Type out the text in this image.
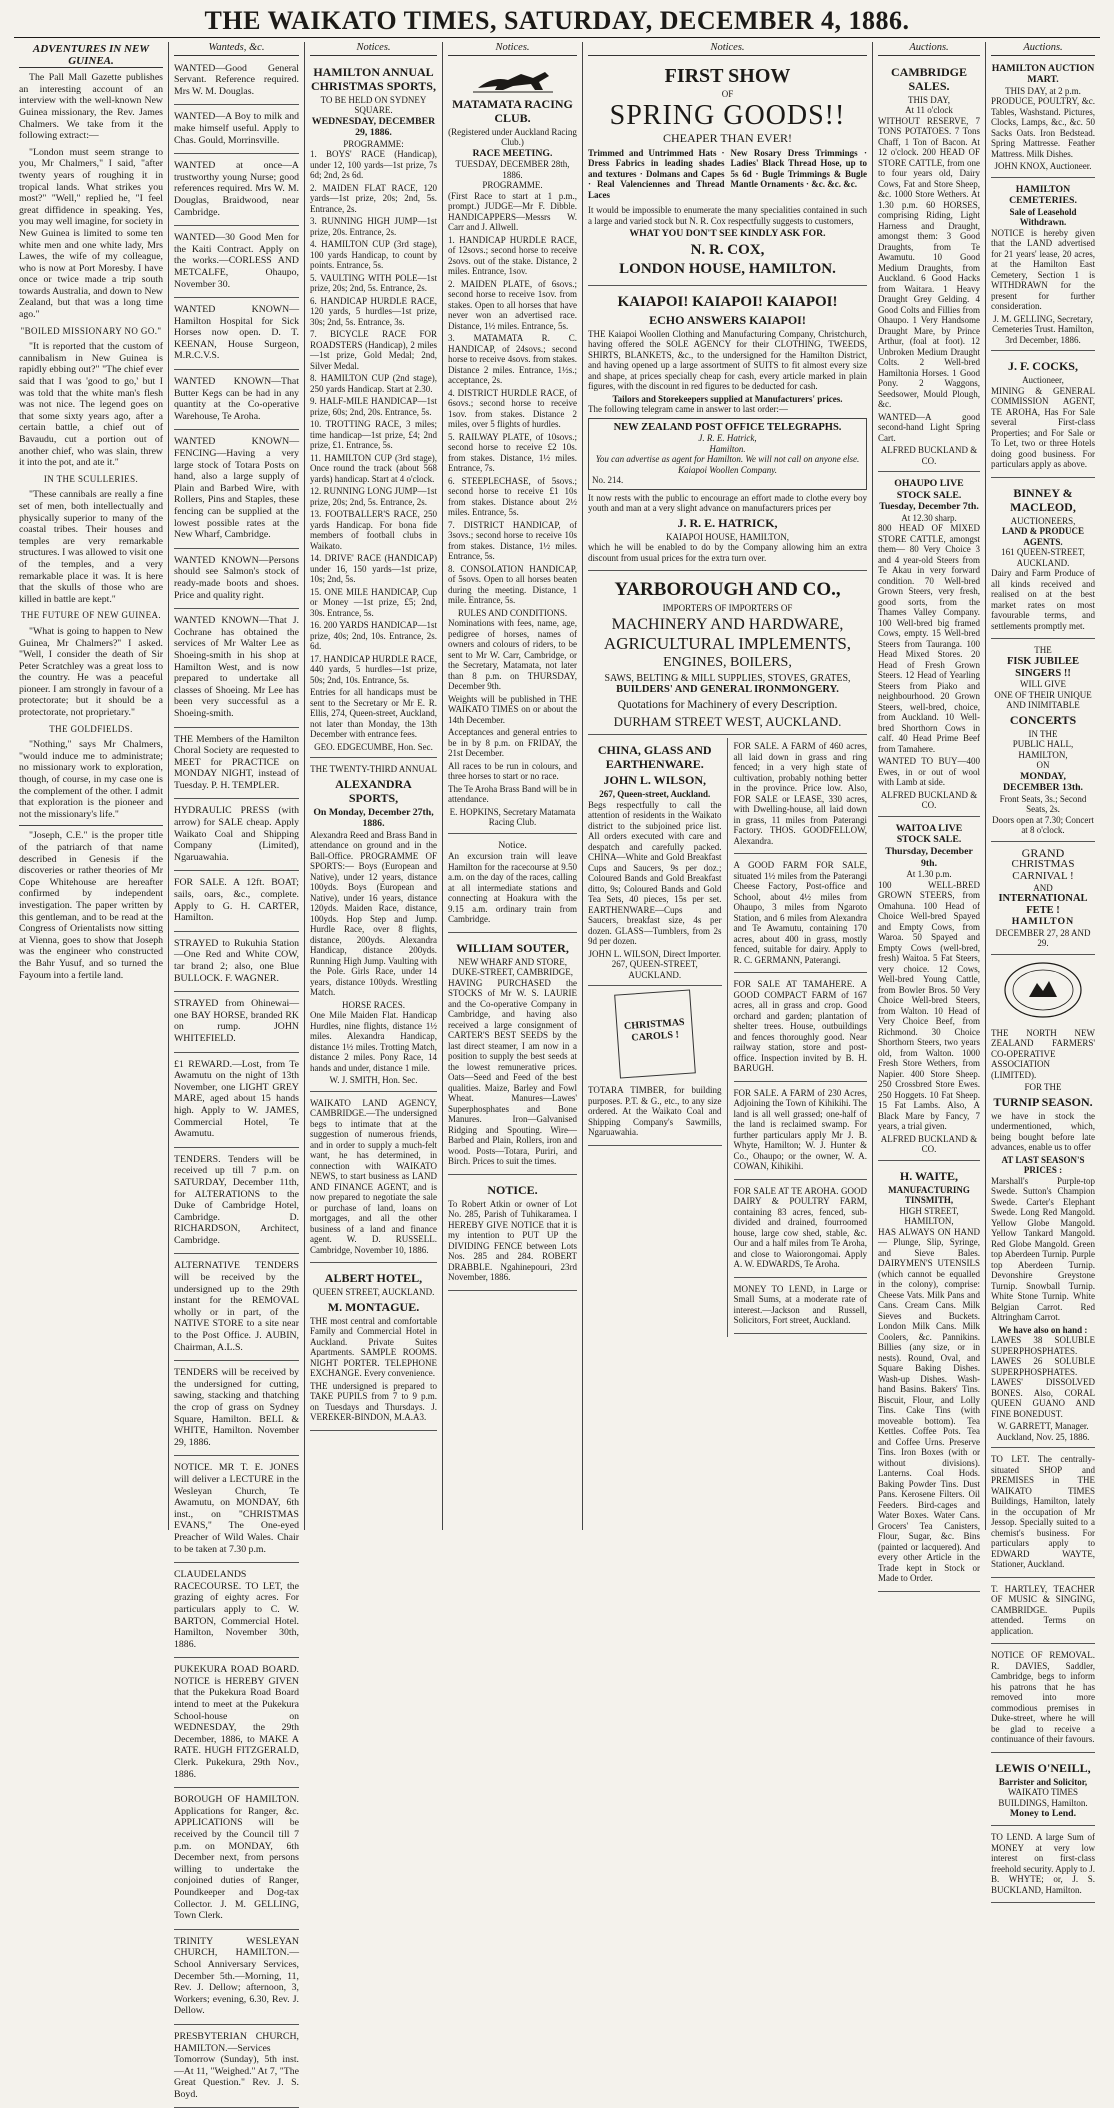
THE WAIKATO TIMES, SATURDAY, DECEMBER 4, 1886.
ADVENTURES IN NEW GUINEA.

The Pall Mall Gazette publishes an interesting account of an interview with the well-known New Guinea missionary, the Rev. James Chalmers. We take from it the following extract:—

"London must seem strange to you, Mr Chalmers," I said, "after twenty years of roughing it in tropical lands. What strikes you most?" "Well," replied he, "I feel great diffidence in speaking. Yes, you may well imagine, for society in New Guinea is limited to some ten white men and one white lady, Mrs Lawes, the wife of my colleague, who is now at Port Moresby. I have once or twice made a trip south towards Australia, and down to New Zealand, but that was a long time ago."

"BOILED MISSIONARY NO GO."

"It is reported that the custom of cannibalism in New Guinea is rapidly ebbing out?" "The chief ever said that I was 'good to go,' but I was told that the white man's flesh was not nice. The legend goes on that some sixty years ago, after a certain battle, a chief out of Bavaudu, cut a portion out of another chief, who was slain, threw it into the pot, and ate it."

IN THE SCULLERIES.

"These cannibals are really a fine set of men, both intellectually and physically superior to many of the coastal tribes. Their houses and temples are very remarkable structures. I was allowed to visit one of the temples, and a very remarkable place it was. It is here that the skulls of those who are killed in battle are kept."

THE FUTURE OF NEW GUINEA.

"What is going to happen to New Guinea, Mr Chalmers?" I asked. "Well, I consider the death of Sir Peter Scratchley was a great loss to the country. He was a peaceful pioneer. I am strongly in favour of a protectorate; but it should be a protectorate, not proprietary."

THE GOLDFIELDS.

"Nothing," says Mr Chalmers, "would induce me to administrate; no missionary work to exploration, though, of course, in my case one is the complement of the other. I admit that exploration is the pioneer and not the missionary's life."

"Joseph, C.E." is the proper title of the patriarch of that name described in Genesis if the discoveries or rather theories of Mr Cope Whitehouse are hereafter confirmed by independent investigation. The paper written by this gentleman, and to be read at the Congress of Orientalists now sitting at Vienna, goes to show that Joseph was the engineer who constructed the Bahr Yusuf, and so turned the Fayoum into a fertile land.

Wanteds, &c.

WANTED—Good General Servant. Reference required. Mrs W. M. Douglas.

WANTED—A Boy to milk and make himself useful. Apply to Chas. Gould, Morrinsville.

WANTED at once—A trustworthy young Nurse; good references required. Mrs W. M. Douglas, Braidwood, near Cambridge.

WANTED—30 Good Men for the Kaiti Contract. Apply on the works.—CORLESS AND METCALFE, Ohaupo, November 30.

WANTED KNOWN—Hamilton Hospital for Sick Horses now open. D. T. KEENAN, House Surgeon, M.R.C.V.S.

WANTED KNOWN—That Butter Kegs can be had in any quantity at the Co-operative Warehouse, Te Aroha.

WANTED KNOWN—FENCING—Having a very large stock of Totara Posts on hand, also a large supply of Plain and Barbed Wire, with Rollers, Pins and Staples, these fencing can be supplied at the lowest possible rates at the New Wharf, Cambridge.

WANTED KNOWN—Persons should see Salmon's stock of ready-made boots and shoes. Price and quality right.

WANTED KNOWN—That J. Cochrane has obtained the services of Mr Walter Lee as Shoeing-smith in his shop at Hamilton West, and is now prepared to undertake all classes of Shoeing. Mr Lee has been very successful as a Shoeing-smith.

THE Members of the Hamilton Choral Society are requested to MEET for PRACTICE on MONDAY NIGHT, instead of Tuesday. P. H. TEMPLER.

HYDRAULIC PRESS (with arrow) for SALE cheap. Apply Waikato Coal and Shipping Company (Limited), Ngaruawahia.

FOR SALE. A 12ft. BOAT; sails, oars, &c., complete. Apply to G. H. CARTER, Hamilton.

STRAYED to Rukuhia Station—One Red and White COW, tar brand 2; also, one Blue BULLOCK. F. WAGNER.

STRAYED from Ohinewai—one BAY HORSE, branded RK on rump. JOHN WHITEFIELD.

£1 REWARD.—Lost, from Te Awamutu on the night of 13th November, one LIGHT GREY MARE, aged about 15 hands high. Apply to W. JAMES, Commercial Hotel, Te Awamutu.

TENDERS. Tenders will be received up till 7 p.m. on SATURDAY, December 11th, for ALTERATIONS to the Duke of Cambridge Hotel, Cambridge. D. RICHARDSON, Architect, Cambridge.

ALTERNATIVE TENDERS will be received by the undersigned up to the 29th instant for the REMOVAL wholly or in part, of the NATIVE STORE to a site near to the Post Office. J. AUBIN, Chairman, A.L.S.

TENDERS will be received by the undersigned for cutting, sawing, stacking and thatching the crop of grass on Sydney Square, Hamilton. BELL & WHITE, Hamilton. November 29, 1886.

NOTICE. MR T. E. JONES will deliver a LECTURE in the Wesleyan Church, Te Awamutu, on MONDAY, 6th inst., on "CHRISTMAS EVANS," The One-eyed Preacher of Wild Wales. Chair to be taken at 7.30 p.m.

CLAUDELANDS RACECOURSE. TO LET, the grazing of eighty acres. For particulars apply to C. W. BARTON, Commercial Hotel. Hamilton, November 30th, 1886.

PUKEKURA ROAD BOARD. NOTICE is HEREBY GIVEN that the Pukekura Road Board intend to meet at the Pukekura School-house on WEDNESDAY, the 29th December, 1886, to MAKE A RATE. HUGH FITZGERALD, Clerk. Pukekura, 29th Nov., 1886.

BOROUGH OF HAMILTON. Applications for Ranger, &c. APPLICATIONS will be received by the Council till 7 p.m. on MONDAY, 6th December next, from persons willing to undertake the conjoined duties of Ranger, Poundkeeper and Dog-tax Collector. J. M. GELLING, Town Clerk.

TRINITY WESLEYAN CHURCH, HAMILTON.—School Anniversary Services, December 5th.—Morning, 11, Rev. J. Dellow; afternoon, 3, Workers; evening, 6.30, Rev. J. Dellow.

PRESBYTERIAN CHURCH, HAMILTON.—Services Tomorrow (Sunday), 5th inst.—At 11, "Weighed." At 7, "The Great Question." Rev. J. S. Boyd.

Notices.
HAMILTON ANNUAL CHRISTMAS SPORTS,
TO BE HELD ON SYDNEY SQUARE.
WEDNESDAY, DECEMBER 29, 1886.
PROGRAMME:

1. BOYS' RACE (Handicap), under 12, 100 yards—1st prize, 7s 6d; 2nd, 2s 6d.

2. MAIDEN FLAT RACE, 120 yards—1st prize, 20s; 2nd, 5s. Entrance, 2s.

3. RUNNING HIGH JUMP—1st prize, 20s. Entrance, 2s.

4. HAMILTON CUP (3rd stage), 100 yards Handicap, to count by points. Entrance, 5s.

5. VAULTING WITH POLE—1st prize, 20s; 2nd, 5s. Entrance, 2s.

6. HANDICAP HURDLE RACE, 120 yards, 5 hurdles—1st prize, 30s; 2nd, 5s. Entrance, 3s.

7. BICYCLE RACE FOR ROADSTERS (Handicap), 2 miles—1st prize, Gold Medal; 2nd, Silver Medal.

8. HAMILTON CUP (2nd stage), 250 yards Handicap. Start at 2.30.

9. HALF-MILE HANDICAP—1st prize, 60s; 2nd, 20s. Entrance, 5s.

10. TROTTING RACE, 3 miles; time handicap—1st prize, £4; 2nd prize, £1. Entrance, 5s.

11. HAMILTON CUP (3rd stage), Once round the track (about 568 yards) handicap. Start at 4 o'clock.

12. RUNNING LONG JUMP—1st prize, 20s; 2nd, 5s. Entrance, 2s.

13. FOOTBALLER'S RACE, 250 yards Handicap. For bona fide members of football clubs in Waikato.

14. DRIVE' RACE (HANDICAP) under 16, 150 yards—1st prize, 10s; 2nd, 5s.

15. ONE MILE HANDICAP, Cup or Money —1st prize, £5; 2nd, 30s. Entrance, 5s.

16. 200 YARDS HANDICAP—1st prize, 40s; 2nd, 10s. Entrance, 2s. 6d.

17. HANDICAP HURDLE RACE, 440 yards, 5 hurdles—1st prize, 50s; 2nd, 10s. Entrance, 5s.

Entries for all handicaps must be sent to the Secretary or Mr E. R. Ellis, 274, Queen-street, Auckland, not later than Monday, the 13th December with entrance fees.

GEO. EDGECUMBE, Hon. Sec.
THE TWENTY-THIRD ANNUAL
ALEXANDRA SPORTS,
On Monday, December 27th, 1886.

Alexandra Reed and Brass Band in attendance on ground and in the Ball-Office. PROGRAMME OF SPORTS:— Boys (European and Native), under 12 years, distance 100yds. Boys (European and Native), under 16 years, distance 120yds. Maiden Race, distance, 100yds. Hop Step and Jump. Hurdle Race, over 8 flights, distance, 200yds. Alexandra Handicap, distance 200yds. Running High Jump. Vaulting with the Pole. Girls Race, under 14 years, distance 100yds. Wrestling Match.

HORSE RACES.

One Mile Maiden Flat. Handicap Hurdles, nine flights, distance 1½ miles. Alexandra Handicap, distance 1½ miles. Trotting Match, distance 2 miles. Pony Race, 14 hands and under, distance 1 mile.

W. J. SMITH, Hon. Sec.

WAIKATO LAND AGENCY, CAMBRIDGE.—The undersigned begs to intimate that at the suggestion of numerous friends, and in order to supply a much-felt want, he has determined, in connection with WAIKATO NEWS, to start business as LAND AND FINANCE AGENT, and is now prepared to negotiate the sale or purchase of land, loans on mortgages, and all the other business of a land and finance agent. W. D. RUSSELL. Cambridge, November 10, 1886.

ALBERT HOTEL,
QUEEN STREET, AUCKLAND.
M. MONTAGUE.

THE most central and comfortable Family and Commercial Hotel in Auckland. Private Suites Apartments. SAMPLE ROOMS. NIGHT PORTER. TELEPHONE EXCHANGE. Every convenience.

THE undersigned is prepared to TAKE PUPILS from 7 to 9 p.m. on Tuesdays and Thursdays. J. VEREKER-BINDON, M.A.A3.

Notices.
MATAMATA RACING CLUB.
(Registered under Auckland Racing Club.)
RACE MEETING.
TUESDAY, DECEMBER 28th, 1886.
PROGRAMME.

(First Race to start at 1 p.m., prompt.) JUDGE—Mr F. Dibble. HANDICAPPERS—Messrs W. Carr and J. Allwell.

1. HANDICAP HURDLE RACE, of 12sovs.; second horse to receive 2sovs. out of the stake. Distance, 2 miles. Entrance, 1sov.

2. MAIDEN PLATE, of 6sovs.; second horse to receive 1sov. from stakes. Open to all horses that have never won an advertised race. Distance, 1½ miles. Entrance, 5s.

3. MATAMATA R. C. HANDICAP, of 24sovs.; second horse to receive 4sovs. from stakes. Distance 2 miles. Entrance, 1½s.; acceptance, 2s.

4. DISTRICT HURDLE RACE, of 6sovs.; second horse to receive 1sov. from stakes. Distance 2 miles, over 5 flights of hurdles.

5. RAILWAY PLATE, of 10sovs.; second horse to receive £2 10s. from stakes. Distance, 1½ miles. Entrance, 7s.

6. STEEPLECHASE, of 5sovs.; second horse to receive £1 10s from stakes. Distance about 2½ miles. Entrance, 5s.

7. DISTRICT HANDICAP, of 3sovs.; second horse to receive 10s from stakes. Distance, 1½ miles. Entrance, 5s.

8. CONSOLATION HANDICAP, of 5sovs. Open to all horses beaten during the meeting. Distance, 1 mile. Entrance, 5s.

RULES AND CONDITIONS.

Nominations with fees, name, age, pedigree of horses, names of owners and colours of riders, to be sent to Mr W. Carr, Cambridge, or the Secretary, Matamata, not later than 8 p.m. on THURSDAY, December 9th.

Weights will be published in THE WAIKATO TIMES on or about the 14th December.

Acceptances and general entries to be in by 8 p.m. on FRIDAY, the 21st December.

All races to be run in colours, and three horses to start or no race.

The Te Aroha Brass Band will be in attendance.

E. HOPKINS, Secretary Matamata Racing Club.
Notice.

An excursion train will leave Hamilton for the racecourse at 9.50 a.m. on the day of the races, calling at all intermediate stations and connecting at Hoakura with the 9.15 a.m. ordinary train from Cambridge.

WILLIAM SOUTER,
NEW WHARF AND STORE, DUKE-STREET, CAMBRIDGE,

HAVING PURCHASED the STOCKS of Mr W. S. LAURIE and the Co-operative Company in Cambridge, and having also received a large consignment of CARTER'S BEST SEEDS by the last direct steamer, I am now in a position to supply the best seeds at the lowest remunerative prices. Oats—Seed and Feed of the best qualities. Maize, Barley and Fowl Wheat. Manures—Lawes' Superphosphates and Bone Manures. Iron—Galvanised Ridging and Spouting. Wire—Barbed and Plain, Rollers, iron and wood. Posts—Totara, Puriri, and Birch. Prices to suit the times.

NOTICE.

To Robert Atkin or owner of Lot No. 285, Parish of Tuhikaramea. I HEREBY GIVE NOTICE that it is my intention to PUT UP the DIVIDING FENCE between Lots Nos. 285 and 284. ROBERT DRABBLE. Ngahinepouri, 23rd November, 1886.

Notices.
FIRST SHOW
OF
SPRING GOODS!!
CHEAPER THAN EVER!

Trimmed and Untrimmed Hats · Dress Fabrics in leading shades and textures · Dolmans and Capes · Real Valenciennes and Thread Laces

New Rosary Dress Trimmings · Ladies' Black Thread Hose, up to 5s 6d · Bugle Trimmings & Bugle Mantle Ornaments · &c. &c. &c.

It would be impossible to enumerate the many specialities contained in such a large and varied stock but N. R. Cox respectfully suggests to customers,

WHAT YOU DON'T SEE KINDLY ASK FOR.
N. R. COX,
LONDON HOUSE, HAMILTON.
KAIAPOI! KAIAPOI! KAIAPOI!
ECHO ANSWERS KAIAPOI!

THE Kaiapoi Woollen Clothing and Manufacturing Company, Christchurch, having offered the SOLE AGENCY for their CLOTHING, TWEEDS, SHIRTS, BLANKETS, &c., to the undersigned for the Hamilton District, and having opened up a large assortment of SUITS to fit almost every size and shape, at prices specially cheap for cash, every article marked in plain figures, with the discount in red figures to be deducted for cash.

Tailors and Storekeepers supplied at Manufacturers' prices.
The following telegram came in answer to last order:—
NEW ZEALAND POST OFFICE TELEGRAPHS.
J. R. E. Hatrick,
Hamilton.
You can advertise as agent for Hamilton. We will not call on anyone else.
Kaiapoi Woollen Company.
No. 214.

It now rests with the public to encourage an effort made to clothe every boy youth and man at a very slight advance on manufacturers prices per

J. R. E. HATRICK,
KAIAPOI HOUSE, HAMILTON,

which he will be enabled to do by the Company allowing him an extra discount from usual prices for the extra turn over.

YARBOROUGH AND CO.,
IMPORTERS OF IMPORTERS OF
MACHINERY AND HARDWARE,
AGRICULTURAL IMPLEMENTS,
ENGINES, BOILERS,
SAWS, BELTING & MILL SUPPLIES, STOVES, GRATES,
BUILDERS' AND GENERAL IRONMONGERY.
Quotations for Machinery of every Description.
DURHAM STREET WEST, AUCKLAND.
CHINA, GLASS AND EARTHENWARE.
JOHN L. WILSON,
267, Queen-street, Auckland.

Begs respectfully to call the attention of residents in the Waikato district to the subjoined price list. All orders executed with care and despatch and carefully packed. CHINA—White and Gold Breakfast Cups and Saucers, 9s per doz.; Coloured Bands and Gold Breakfast ditto, 9s; Coloured Bands and Gold Tea Sets, 40 pieces, 15s per set. EARTHENWARE—Cups and Saucers, breakfast size, 4s per dozen. GLASS—Tumblers, from 2s 9d per dozen.

JOHN L. WILSON, Direct Importer. 267, QUEEN-STREET, AUCKLAND.
CHRISTMAS
CAROLS !

TOTARA TIMBER, for building purposes. P.T. & G., etc., to any size ordered. At the Waikato Coal and Shipping Company's Sawmills, Ngaruawahia.

FOR SALE. A FARM of 460 acres, all laid down in grass and ring fenced; in a very high state of cultivation, probably nothing better in the province. Price low. Also, FOR SALE or LEASE, 330 acres, with Dwelling-house, all laid down in grass, 11 miles from Paterangi Factory. THOS. GOODFELLOW, Alexandra.

A GOOD FARM FOR SALE, situated 1½ miles from the Paterangi Cheese Factory, Post-office and School, about 4½ miles from Ohaupo, 3 miles from Ngaroto Station, and 6 miles from Alexandra and Te Awamutu, containing 170 acres, about 400 in grass, mostly fenced, suitable for dairy. Apply to R. C. GERMANN, Paterangi.

FOR SALE AT TAMAHERE. A GOOD COMPACT FARM of 167 acres, all in grass and crop. Good orchard and garden; plantation of shelter trees. House, outbuildings and fences thoroughly good. Near railway station, store and post-office. Inspection invited by B. H. BARUGH.

FOR SALE. A FARM of 230 Acres, Adjoining the Town of Kihikihi. The land is all well grassed; one-half of the land is reclaimed swamp. For further particulars apply Mr J. B. Whyte, Hamilton; W. J. Hunter & Co., Ohaupo; or the owner, W. A. COWAN, Kihikihi.

FOR SALE AT TE AROHA. GOOD DAIRY & POULTRY FARM, containing 83 acres, fenced, sub-divided and drained, fourroomed house, large cow shed, stable, &c. Our and a half miles from Te Aroha, and close to Waiorongomai. Apply A. W. EDWARDS, Te Aroha.

MONEY TO LEND, in Large or Small Sums, at a moderate rate of interest.—Jackson and Russell, Solicitors, Fort street, Auckland.

Auctions.
CAMBRIDGE SALES.
THIS DAY,
At 11 o'clock

WITHOUT RESERVE, 7 TONS POTATOES. 7 Tons Chaff, 1 Ton of Bacon. At 12 o'clock. 200 HEAD OF STORE CATTLE, from one to four years old, Dairy Cows, Fat and Store Sheep, &c. 1000 Store Wethers. At 1.30 p.m. 60 HORSES, comprising Riding, Light Harness and Draught, amongst them: 3 Good Draughts, from Te Awamutu. 10 Good Medium Draughts, from Auckland. 6 Good Hacks from Waitara. 1 Heavy Draught Grey Gelding. 4 Good Colts and Fillies from Ohaupo. 1 Very Handsome Draught Mare, by Prince Arthur, (foal at foot). 12 Unbroken Medium Draught Colts. 2 Well-bred Hamiltonia Horses. 1 Good Pony. 2 Waggons, Seedsower, Mould Plough, &c.

WANTED—A good second-hand Light Spring Cart.

ALFRED BUCKLAND & CO.
OHAUPO LIVE STOCK SALE.
Tuesday, December 7th.
At 12.30 sharp.

800 HEAD OF MIXED STORE CATTLE, amongst them— 80 Very Choice 3 and 4 year-old Steers from Te Akau in very forward condition. 70 Well-bred Grown Steers, very fresh, good sorts, from the Thames Valley Company. 100 Well-bred big framed Cows, empty. 15 Well-bred Steers from Tauranga. 100 Head Mixed Stores. 20 Head of Fresh Grown Steers. 12 Head of Yearling Steers from Piako and neighbourhood. 20 Grown Steers, well-bred, choice, from Auckland. 10 Well-bred Shorthorn Cows in calf. 40 Head Prime Beef from Tamahere.

WANTED TO BUY—400 Ewes, in or out of wool with Lamb at side.

ALFRED BUCKLAND & CO.
WAITOA LIVE STOCK SALE.
Thursday, December 9th.
At 1.30 p.m.

100 WELL-BRED GROWN STEERS, from Omahuna. 100 Head of Choice Well-bred Spayed and Empty Cows, from Waroa. 50 Spayed and Empty Cows (well-bred, fresh) Waitoa. 5 Fat Steers, very choice. 12 Cows, Well-bred Young Cattle, from Bowler Bros. 50 Very Choice Well-bred Steers, from Walton. 10 Head of Very Choice Beef, from Richmond. 30 Choice Shorthorn Steers, two years old, from Walton. 1000 Fresh Store Wethers, from Napier. 400 Store Sheep. 250 Crossbred Store Ewes. 250 Hoggets. 10 Fat Sheep. 15 Fat Lambs. Also, A Black Mare by Fancy, 7 years, a trial given.

ALFRED BUCKLAND & CO.
H. WAITE,
MANUFACTURING TINSMITH,
HIGH STREET, HAMILTON,

HAS ALWAYS ON HAND— Plunge, Slip, Syringe, and Sieve Bales. DAIRYMEN'S UTENSILS (which cannot be equalled in the colony), comprise: Cheese Vats. Milk Pans and Cans. Cream Cans. Milk Sieves and Buckets. London Milk Cans. Milk Coolers, &c. Pannikins. Billies (any size, or in nests). Round, Oval, and Square Baking Dishes. Wash-up Dishes. Wash-hand Basins. Bakers' Tins. Biscuit, Flour, and Lolly Tins. Cake Tins (with moveable bottom). Tea Kettles. Coffee Pots. Tea and Coffee Urns. Preserve Tins. Iron Boxes (with or without divisions). Lanterns. Coal Hods. Baking Powder Tins. Dust Pans. Kerosene Filters. Oil Feeders. Bird-cages and Water Boxes. Water Cans. Grocers' Tea Canisters, Flour, Sugar, &c. Bins (painted or lacquered). And every other Article in the Trade kept in Stock or Made to Order.

Auctions.
HAMILTON AUCTION MART.
THIS DAY, at 2 p.m.

PRODUCE, POULTRY, &c. Tables, Washstand. Pictures, Clocks, Lamps, &c., &c. 50 Sacks Oats. Iron Bedstead. Spring Mattresse. Feather Mattress. Milk Dishes.

JOHN KNOX, Auctioneer.
HAMILTON CEMETERIES.
Sale of Leasehold Withdrawn.

NOTICE is hereby given that the LAND advertised for 21 years' lease, 20 acres, at the Hamilton East Cemetery, Section 1 is WITHDRAWN for the present for further consideration.

J. M. GELLING, Secretary, Cemeteries Trust. Hamilton, 3rd December, 1886.
J. F. COCKS,
Auctioneer,

MINING & GENERAL COMMISSION AGENT, TE AROHA, Has For Sale several First-class Properties; and For Sale or To Let, two or three Hotels doing good business. For particulars apply as above.

BINNEY & MACLEOD,
AUCTIONEERS,
LAND & PRODUCE AGENTS.
161 QUEEN-STREET, AUCKLAND.

Dairy and Farm Produce of all kinds received and realised on at the best market rates on most favourable terms, and settlements promptly met.

THE
FISK JUBILEE SINGERS !!
WILL GIVE
ONE OF THEIR UNIQUE AND INIMITABLE
CONCERTS
IN THE
PUBLIC HALL, HAMILTON,
ON
MONDAY, DECEMBER 13th.
Front Seats, 3s.; Second Seats, 2s.
Doors open at 7.30; Concert at 8 o'clock.
GRAND
CHRISTMAS CARNIVAL !
AND
INTERNATIONAL FETE !
HAMILTON
DECEMBER 27, 28 AND 29.

THE NORTH NEW ZEALAND FARMERS' CO-OPERATIVE ASSOCIATION (LIMITED).

FOR THE
TURNIP SEASON.

we have in stock the undermentioned, which, being bought before late advances, enable us to offer

AT LAST SEASON'S PRICES :

Marshall's Purple-top Swede. Sutton's Champion Swede. Carter's Elephant Swede. Long Red Mangold. Yellow Globe Mangold. Yellow Tankard Mangold. Red Globe Mangold. Green top Aberdeen Turnip. Purple top Aberdeen Turnip. Devonshire Greystone Turnip. Snowball Turnip. White Stone Turnip. White Belgian Carrot. Red Altringham Carrot.

We have also on hand :

LAWES 38 SOLUBLE SUPERPHOSPHATES. LAWES 26 SOLUBLE SUPERPHOSPHATES. LAWES' DISSOLVED BONES. Also, CORAL QUEEN GUANO AND FINE BONEDUST.

W. GARRETT, Manager. Auckland, Nov. 25, 1886.

TO LET. The centrally-situated SHOP and PREMISES in THE WAIKATO TIMES Buildings, Hamilton, lately in the occupation of Mr Jessop. Specially suited to a chemist's business. For particulars apply to EDWARD WAYTE, Stationer, Auckland.

T. HARTLEY, TEACHER OF MUSIC & SINGING, CAMBRIDGE. Pupils attended. Terms on application.

NOTICE OF REMOVAL. R. DAVIES, Saddler, Cambridge, begs to inform his patrons that he has removed into more commodious premises in Duke-street, where he will be glad to receive a continuance of their favours.

LEWIS O'NEILL,
Barrister and Solicitor,
WAIKATO TIMES BUILDINGS, Hamilton.
Money to Lend.

TO LEND. A large Sum of MONEY at very low interest on first-class freehold security. Apply to J. B. WHYTE; or, J. S. BUCKLAND, Hamilton.
